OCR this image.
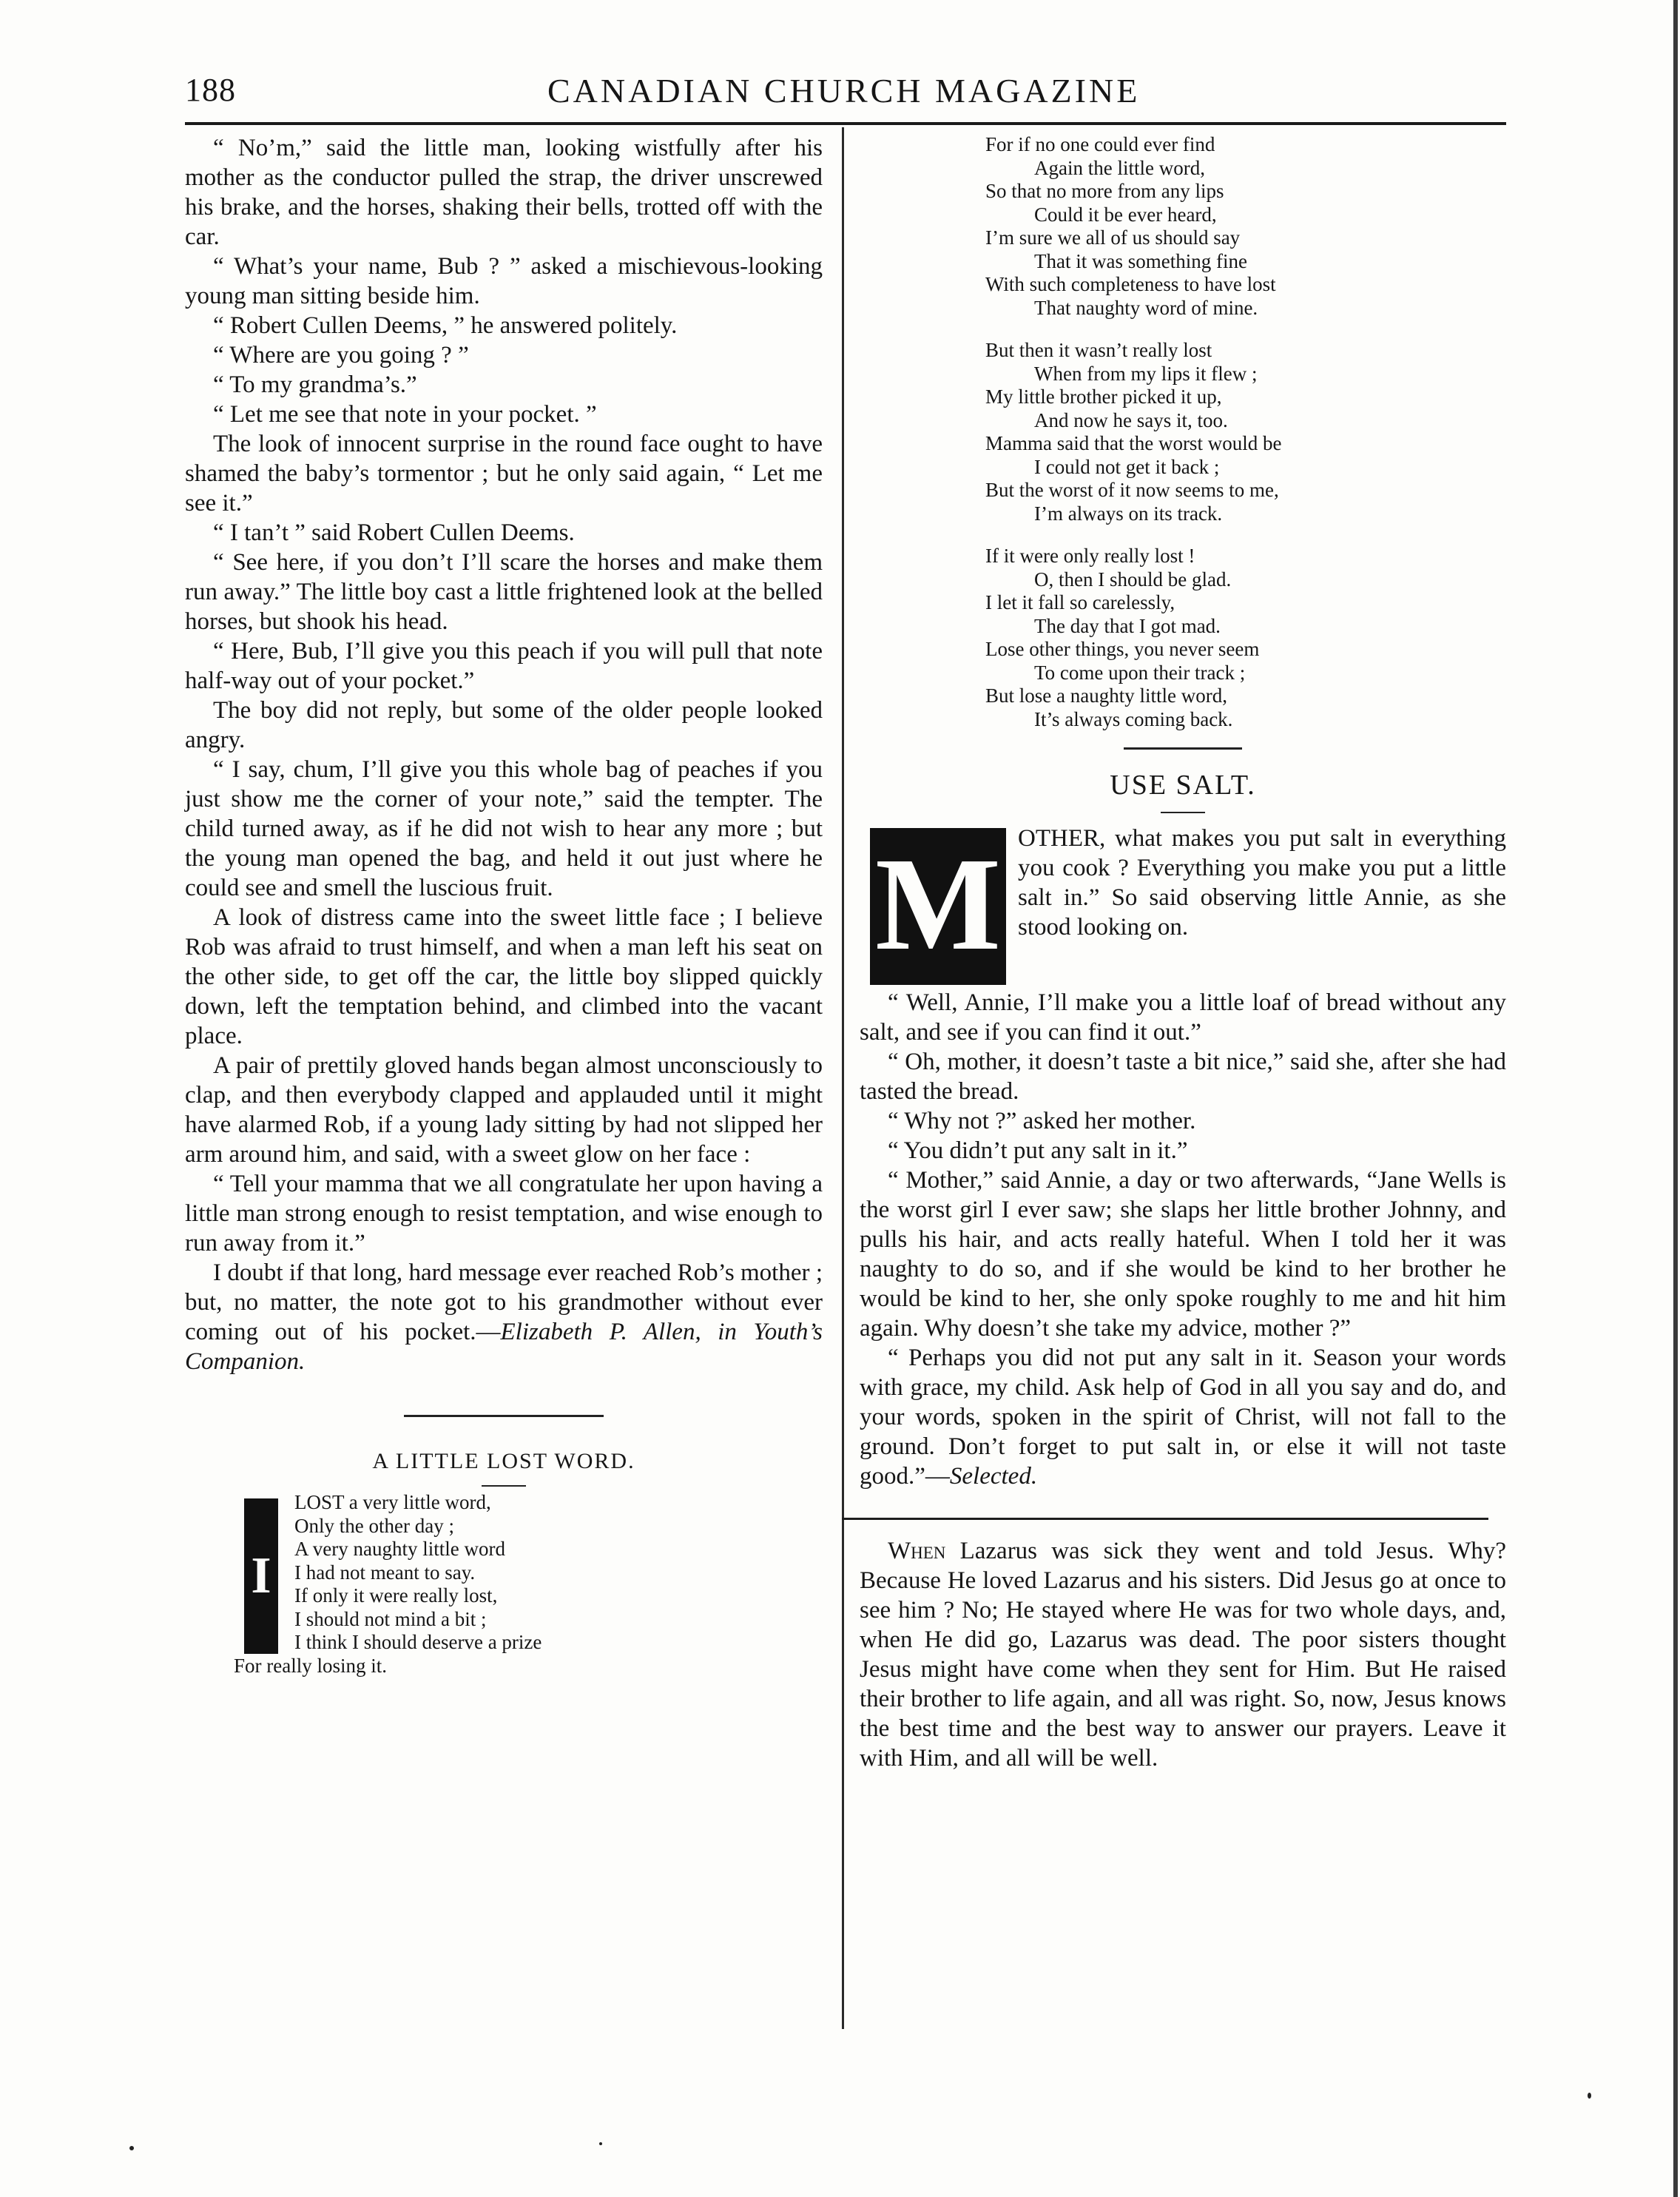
188	CANADIAN CHURCH MAGAZINE

“ No’m,” said the little man, looking wistfully after his mother as the conductor pulled the strap, the driver unscrewed his brake, and the horses, shaking their bells, trotted off with the car.

“ What’s your name, Bub ? ” asked a mischievous-looking young man sitting beside him.

“ Robert Cullen Deems, ” he answered politely.

“ Where are you going ? ”

“ To my grandma’s.”

“ Let me see that note in your pocket. ”

The look of innocent surprise in the round face ought to have shamed the baby’s tormentor ; but he only said again, “ Let me see it.”

“ I tan’t ” said Robert Cullen Deems.

“ See here, if you don’t I’ll scare the horses and make them run away.” The little boy cast a little frightened look at the belled horses, but shook his head.

“ Here, Bub, I’ll give you this peach if you will pull that note half-way out of your pocket.”

The boy did not reply, but some of the older people looked angry.

“ I say, chum, I’ll give you this whole bag of peaches if you just show me the corner of your note,” said the tempter. The child turned away, as if he did not wish to hear any more ; but the young man opened the bag, and held it out just where he could see and smell the luscious fruit.

A look of distress came into the sweet little face ; I believe Rob was afraid to trust himself, and when a man left his seat on the other side, to get off the car, the little boy slipped quickly down, left the temptation behind, and climbed into the vacant place.

A pair of prettily gloved hands began almost unconsciously to clap, and then everybody clapped and applauded until it might have alarmed Rob, if a young lady sitting by had not slipped her arm around him, and said, with a sweet glow on her face :

“ Tell your mamma that we all congratulate her upon having a little man strong enough to resist temptation, and wise enough to run away from it.”

I doubt if that long, hard message ever reached Rob’s mother ; but, no matter, the note got to his grandmother without ever coming out of his pocket.—Elizabeth P. Allen, in Youth’s Companion.

A LITTLE LOST WORD.
I
LOST a very little word,
Only the other day ;
A very naughty little word
I had not meant to say.
If only it were really lost,
I should not mind a bit ;
I think I should deserve a prize
For really losing it.
For if no one could ever find
Again the little word,
So that no more from any lips
Could it be ever heard,
I’m sure we all of us should say
That it was something fine
With such completeness to have lost
That naughty word of mine.
But then it wasn’t really lost
When from my lips it flew ;
My little brother picked it up,
And now he says it, too.
Mamma said that the worst would be
I could not get it back ;
But the worst of it now seems to me,
I’m always on its track.
If it were only really lost !
O, then I should be glad.
I let it fall so carelessly,
The day that I got mad.
Lose other things, you never seem
To come upon their track ;
But lose a naughty little word,
It’s always coming back.
USE SALT.
M OTHER, what makes you put salt in everything you cook ? Everything you make you put a little salt in.” So said observing little Annie, as she stood looking on.

“ Well, Annie, I’ll make you a little loaf of bread without any salt, and see if you can find it out.”

“ Oh, mother, it doesn’t taste a bit nice,” said she, after she had tasted the bread.

“ Why not ?” asked her mother.

“ You didn’t put any salt in it.”

“ Mother,” said Annie, a day or two afterwards, “Jane Wells is the worst girl I ever saw; she slaps her little brother Johnny, and pulls his hair, and acts really hateful. When I told her it was naughty to do so, and if she would be kind to her brother he would be kind to her, she only spoke roughly to me and hit him again. Why doesn’t she take my advice, mother ?”

“ Perhaps you did not put any salt in it. Season your words with grace, my child. Ask help of God in all you say and do, and your words, spoken in the spirit of Christ, will not fall to the ground. Don’t forget to put salt in, or else it will not taste good.”—Selected.

When Lazarus was sick they went and told Jesus. Why? Because He loved Lazarus and his sisters. Did Jesus go at once to see him ? No; He stayed where He was for two whole days, and, when He did go, Lazarus was dead. The poor sisters thought Jesus might have come when they sent for Him. But He raised their brother to life again, and all was right. So, now, Jesus knows the best time and the best way to answer our prayers. Leave it with Him, and all will be well.
